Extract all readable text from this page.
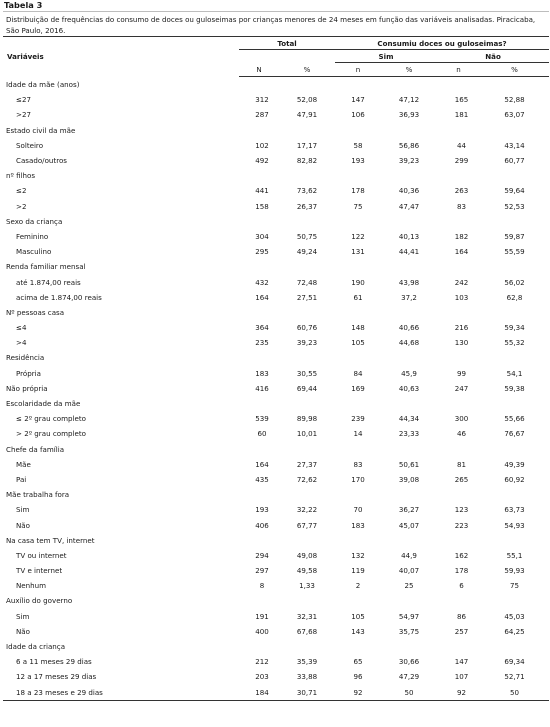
Tabela 3
Distribuição de frequências do consumo de doces ou guloseimas por crianças menores de 24 meses em função das variáveis analisadas. Piracicaba, São Paulo, 2016.
Variáveis	Total		Consumiu doces ou guloseimas?			
			Sim		Não	
	N	%	n	%	n	%
Idade da mãe (anos)						
≤27	312	52,08	147	47,12	165	52,88
>27	287	47,91	106	36,93	181	63,07
Estado civil da mãe						
Solteiro	102	17,17	58	56,86	44	43,14
Casado/outros	492	82,82	193	39,23	299	60,77
nº filhos						
≤2	441	73,62	178	40,36	263	59,64
>2	158	26,37	75	47,47	83	52,53
Sexo da criança						
Feminino	304	50,75	122	40,13	182	59,87
Masculino	295	49,24	131	44,41	164	55,59
Renda familiar mensal						
até 1.874,00 reais	432	72,48	190	43,98	242	56,02
acima de 1.874,00 reais	164	27,51	61	37,2	103	62,8
Nº pessoas casa						
≤4	364	60,76	148	40,66	216	59,34
>4	235	39,23	105	44,68	130	55,32
Residência						
Própria	183	30,55	84	45,9	99	54,1
Não própria	416	69,44	169	40,63	247	59,38
Escolaridade da mãe						
≤ 2º grau completo	539	89,98	239	44,34	300	55,66
> 2º grau completo	60	10,01	14	23,33	46	76,67
Chefe da família						
Mãe	164	27,37	83	50,61	81	49,39
Pai	435	72,62	170	39,08	265	60,92
Mãe trabalha fora						
Sim	193	32,22	70	36,27	123	63,73
Não	406	67,77	183	45,07	223	54,93
Na casa tem TV, internet						
TV ou internet	294	49,08	132	44,9	162	55,1
TV e internet	297	49,58	119	40,07	178	59,93
Nenhum	8	1,33	2	25	6	75
Auxílio do governo						
Sim	191	32,31	105	54,97	86	45,03
Não	400	67,68	143	35,75	257	64,25
Idade da criança						
6 a 11 meses 29 dias	212	35,39	65	30,66	147	69,34
12 a 17 meses 29 dias	203	33,88	96	47,29	107	52,71
18 a 23 meses e 29 dias	184	30,71	92	50	92	50
